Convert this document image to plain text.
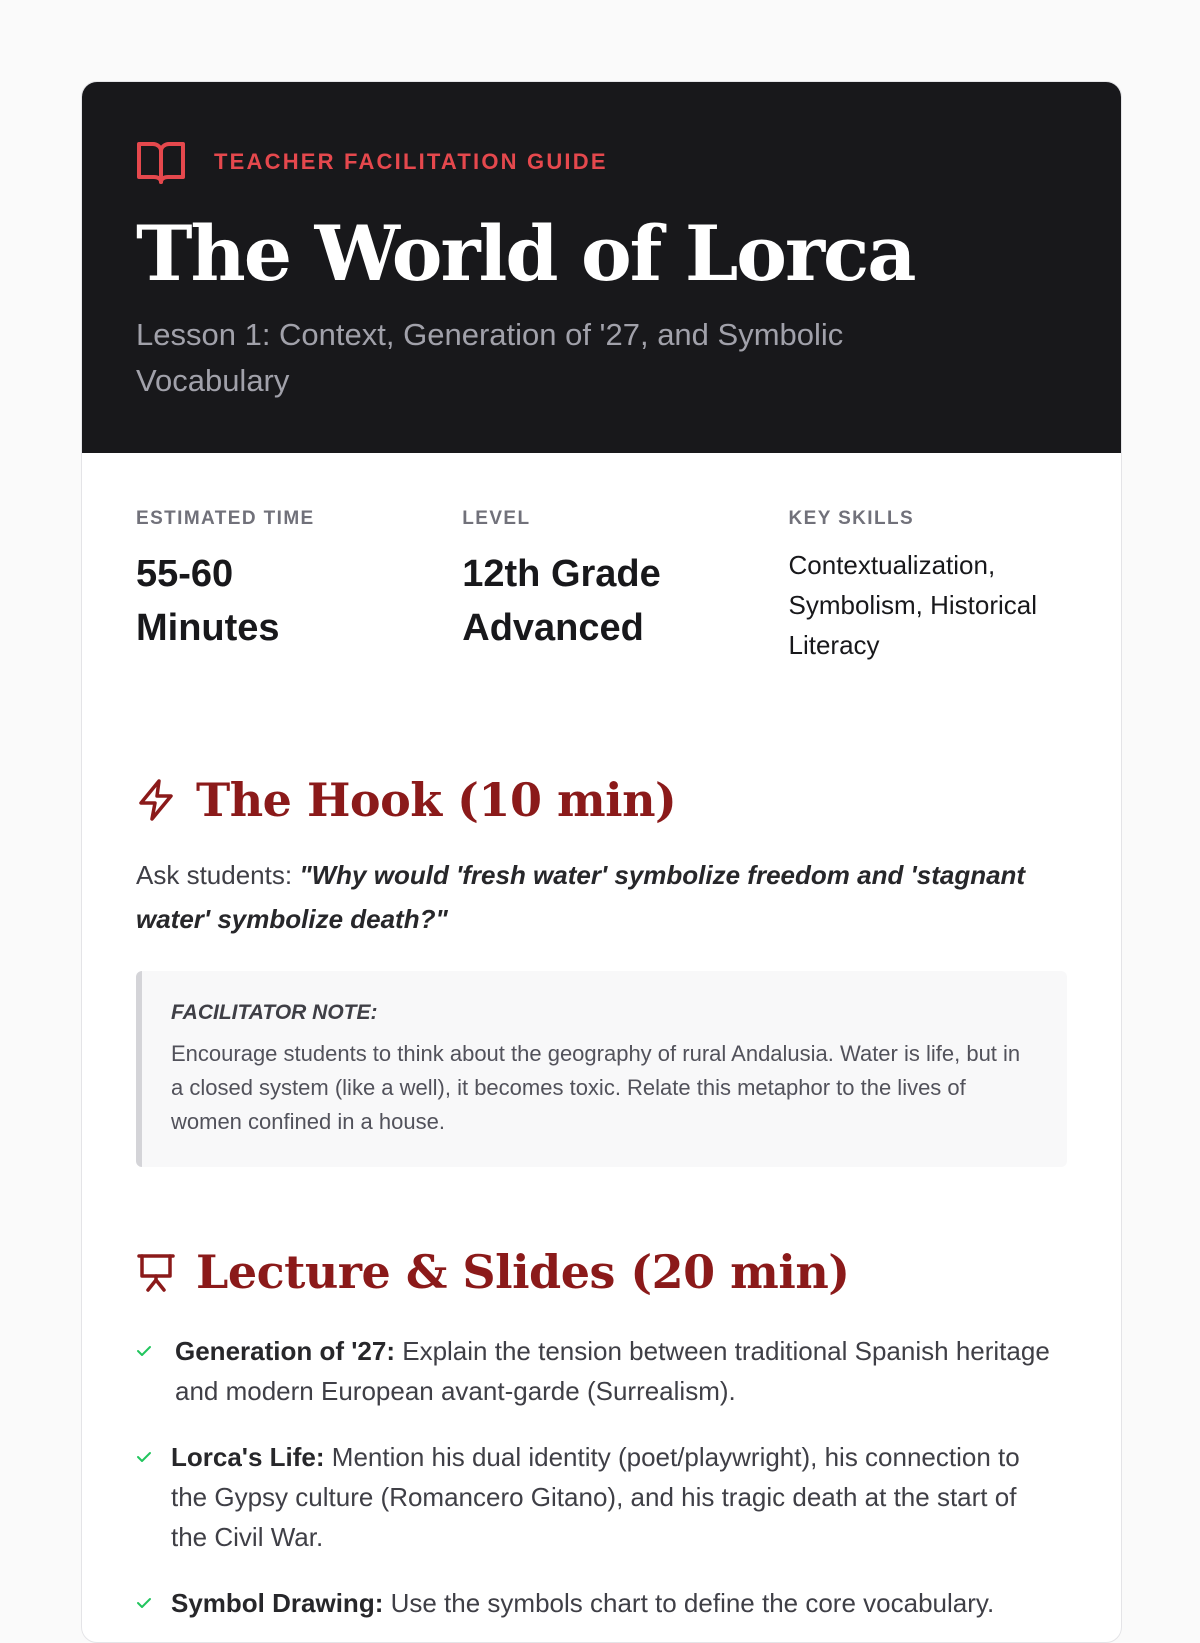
TEACHER FACILITATION GUIDE
The World of Lorca

Lesson 1: Context, Generation of '27, and Symbolic Vocabulary

ESTIMATED TIME
55-60 Minutes
LEVEL
12th Grade Advanced
KEY SKILLS
Contextualization, Symbolism, Historical Literacy
The Hook (10 min)
Ask students: "Why would 'fresh water' symbolize freedom and 'stagnant water' symbolize death?"
FACILITATOR NOTE:
Encourage students to think about the geography of rural Andalusia. Water is life, but in a closed system (like a well), it becomes toxic. Relate this metaphor to the lives of women confined in a house.
Lecture & Slides (20 min)
Generation of '27: Explain the tension between traditional Spanish heritage and modern European avant-garde (Surrealism).
Lorca's Life: Mention his dual identity (poet/playwright), his connection to the Gypsy culture (Romancero Gitano), and his tragic death at the start of the Civil War.
Symbol Drawing: Use the symbols chart to define the core vocabulary.
